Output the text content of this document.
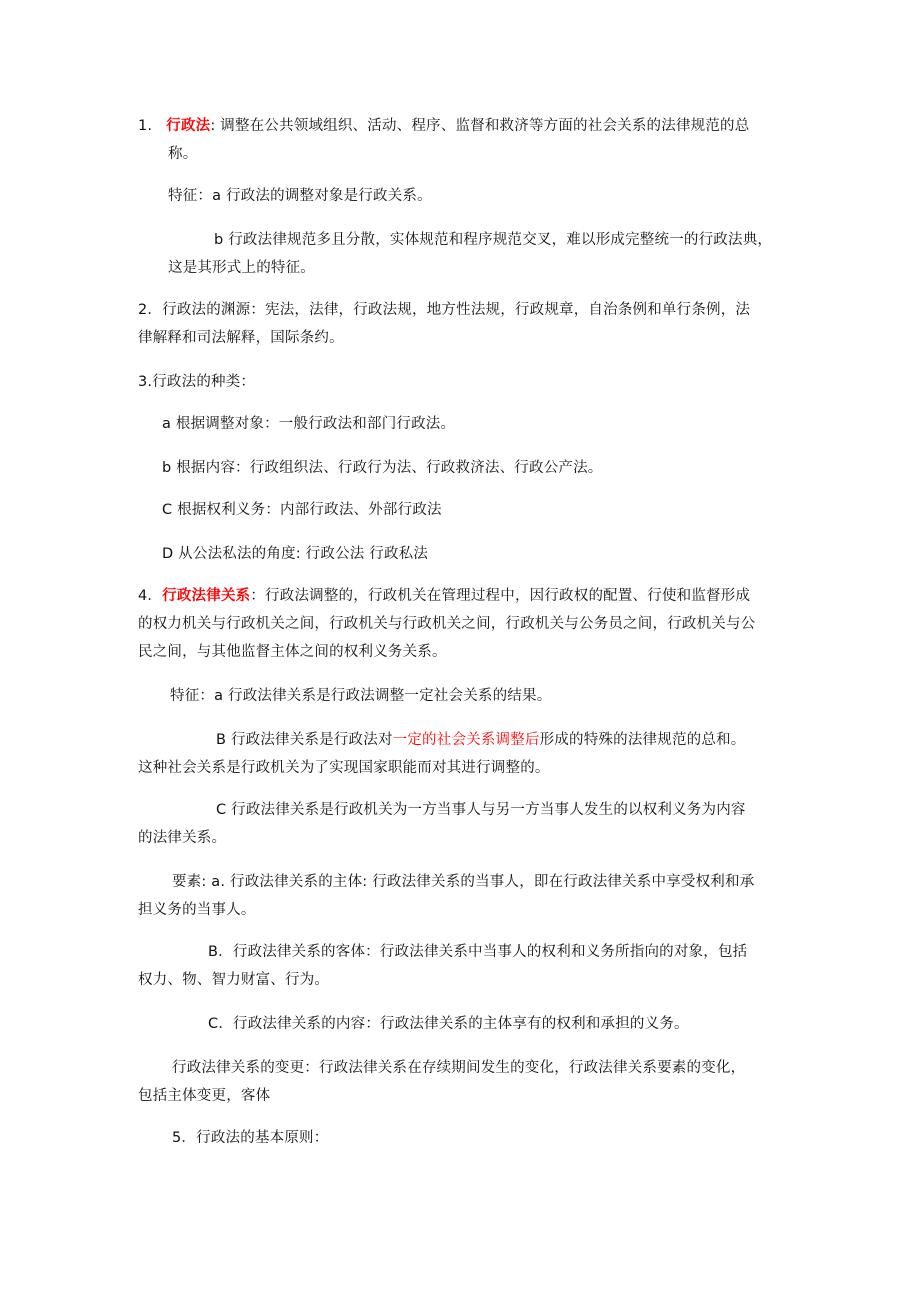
1. 行政法: 调整在公共领域组织、活动、程序、监督和救济等方面的社会关系的法律规范的总
称。
特征：a 行政法的调整对象是行政关系。
b 行政法律规范多且分散，实体规范和程序规范交叉，难以形成完整统一的行政法典，
这是其形式上的特征。
2．行政法的渊源：宪法，法律，行政法规，地方性法规，行政规章，自治条例和单行条例，法
律解释和司法解释，国际条约。
3.行政法的种类：
a 根据调整对象：一般行政法和部门行政法。
b 根据内容：行政组织法、行政行为法、行政救济法、行政公产法。
C 根据权利义务：内部行政法、外部行政法
D 从公法私法的角度: 行政公法 行政私法
4．行政法律关系：行政法调整的，行政机关在管理过程中，因行政权的配置、行使和监督形成
的权力机关与行政机关之间，行政机关与行政机关之间，行政机关与公务员之间，行政机关与公
民之间，与其他监督主体之间的权利义务关系。
特征：a 行政法律关系是行政法调整一定社会关系的结果。
B 行政法律关系是行政法对一定的社会关系调整后形成的特殊的法律规范的总和。
这种社会关系是行政机关为了实现国家职能而对其进行调整的。
C 行政法律关系是行政机关为一方当事人与另一方当事人发生的以权利义务为内容
的法律关系。
要素: a. 行政法律关系的主体: 行政法律关系的当事人，即在行政法律关系中享受权利和承
担义务的当事人。
B．行政法律关系的客体：行政法律关系中当事人的权利和义务所指向的对象，包括
权力、物、智力财富、行为。
C．行政法律关系的内容：行政法律关系的主体享有的权利和承担的义务。
行政法律关系的变更：行政法律关系在存续期间发生的变化，行政法律关系要素的变化，
包括主体变更，客体
5．行政法的基本原则：
